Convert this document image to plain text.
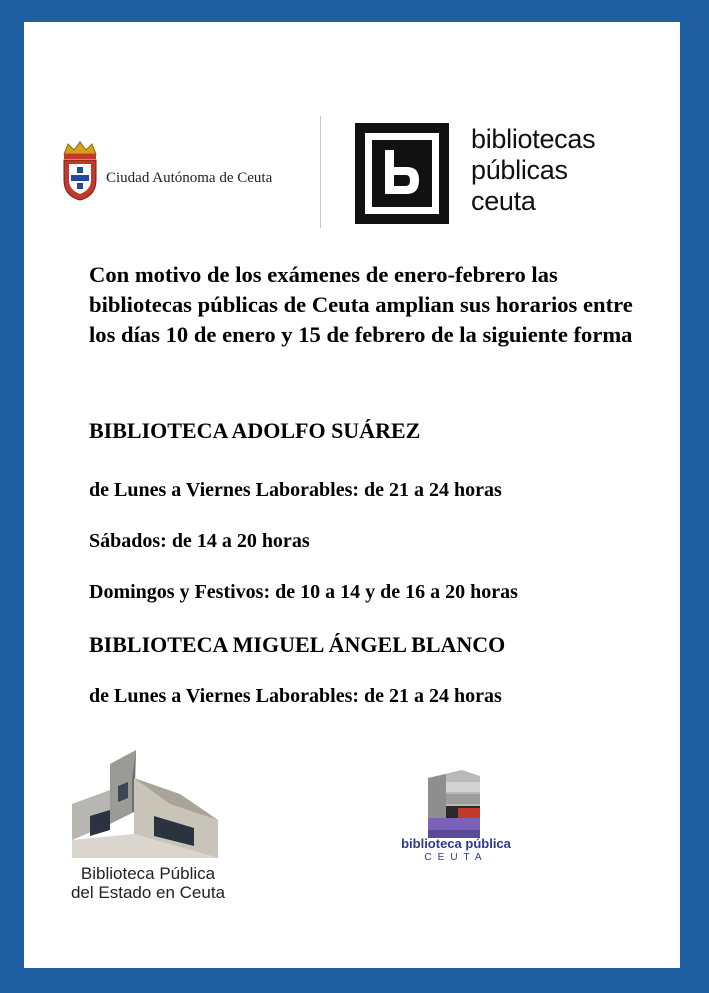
Ciudad Autónoma de Ceuta
bibliotecas
públicas
ceuta
Con motivo de los exámenes de enero-febrero las bibliotecas públicas de Ceuta amplian sus horarios entre los días 10 de enero y 15 de febrero de la siguiente forma
BIBLIOTECA ADOLFO SUÁREZ
de Lunes a Viernes Laborables: de 21 a 24 horas
Sábados: de 14 a 20 horas
Domingos y Festivos: de 10 a 14 y de 16 a 20 horas
BIBLIOTECA MIGUEL ÁNGEL BLANCO
de Lunes a Viernes Laborables: de 21 a 24 horas
Biblioteca Pública
del Estado en Ceuta
biblioteca pública
CEUTA
